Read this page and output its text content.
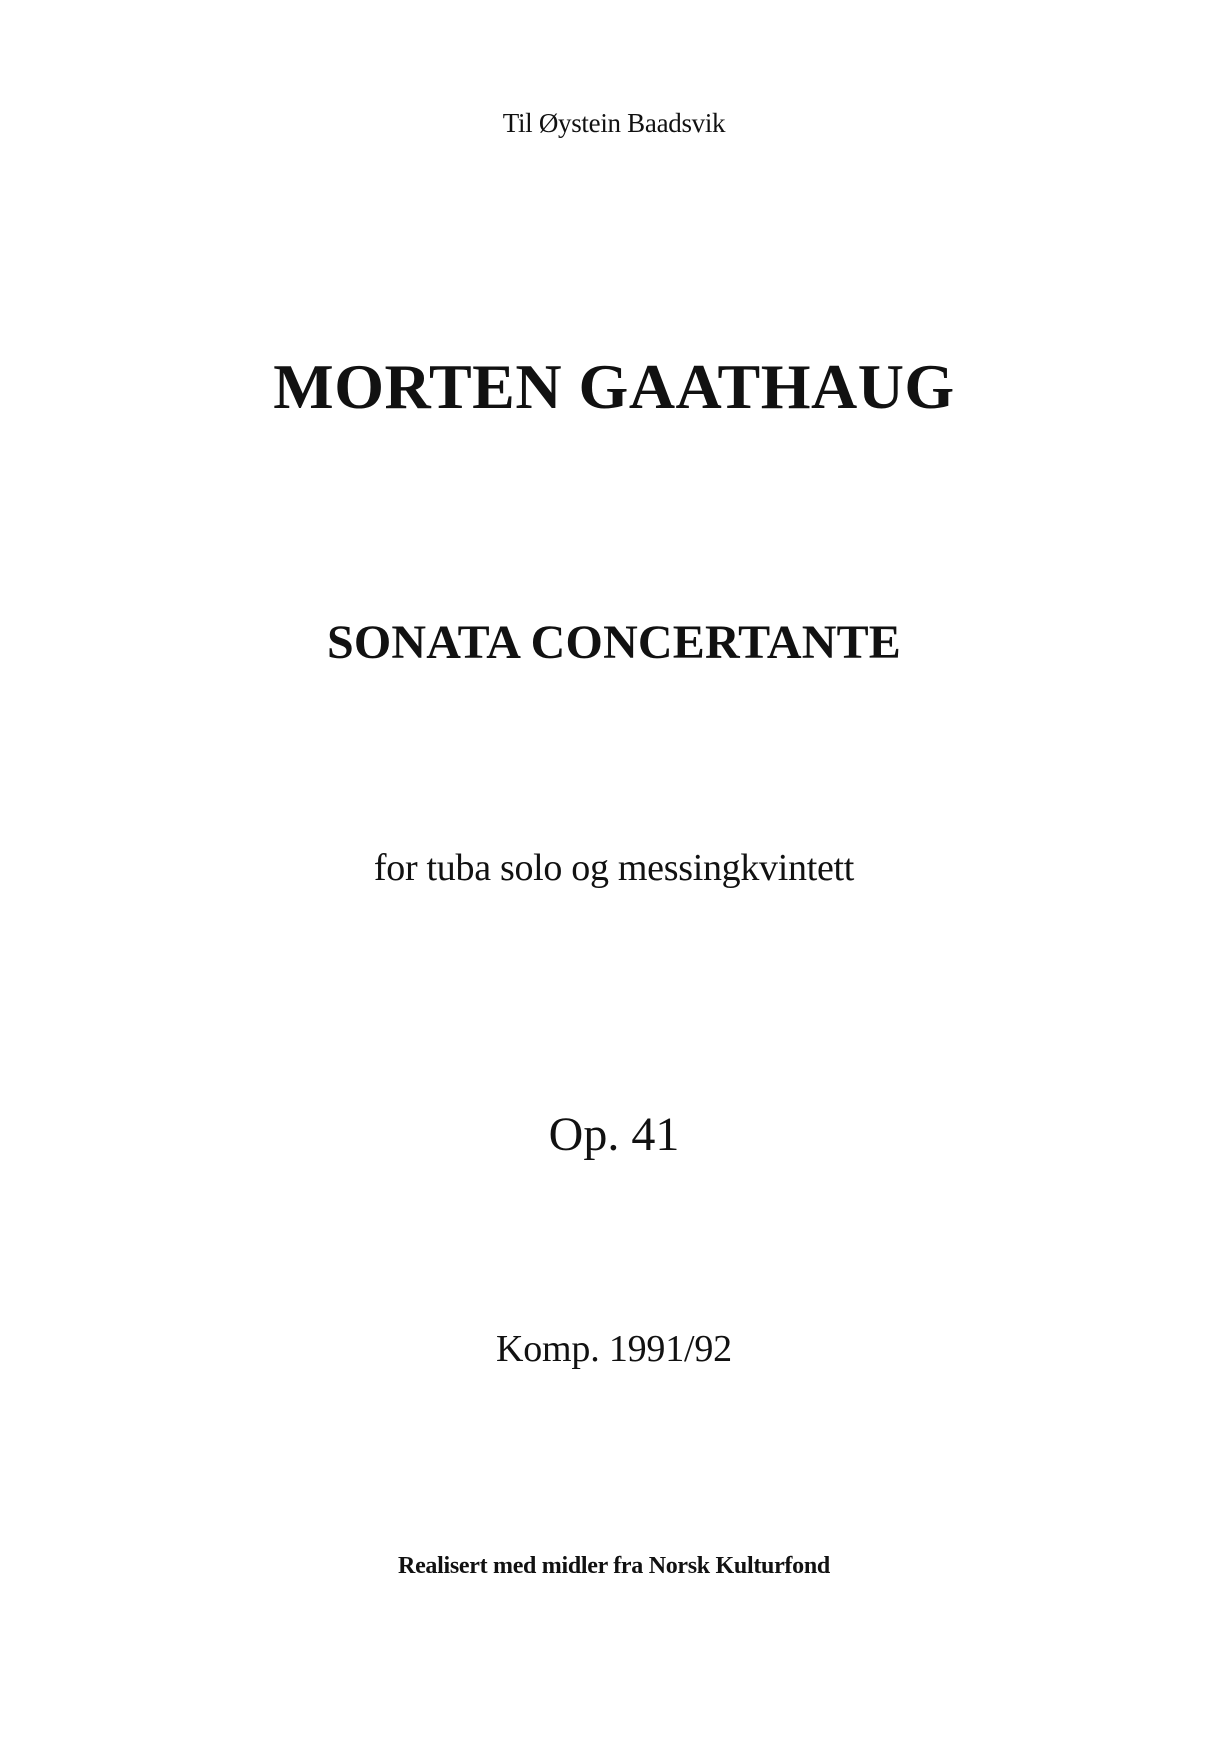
Til Øystein Baadsvik

MORTEN GAATHAUG
SONATA CONCERTANTE

for tuba solo og messingkvintett

Op. 41

Komp. 1991/92

Realisert med midler fra Norsk Kulturfond
